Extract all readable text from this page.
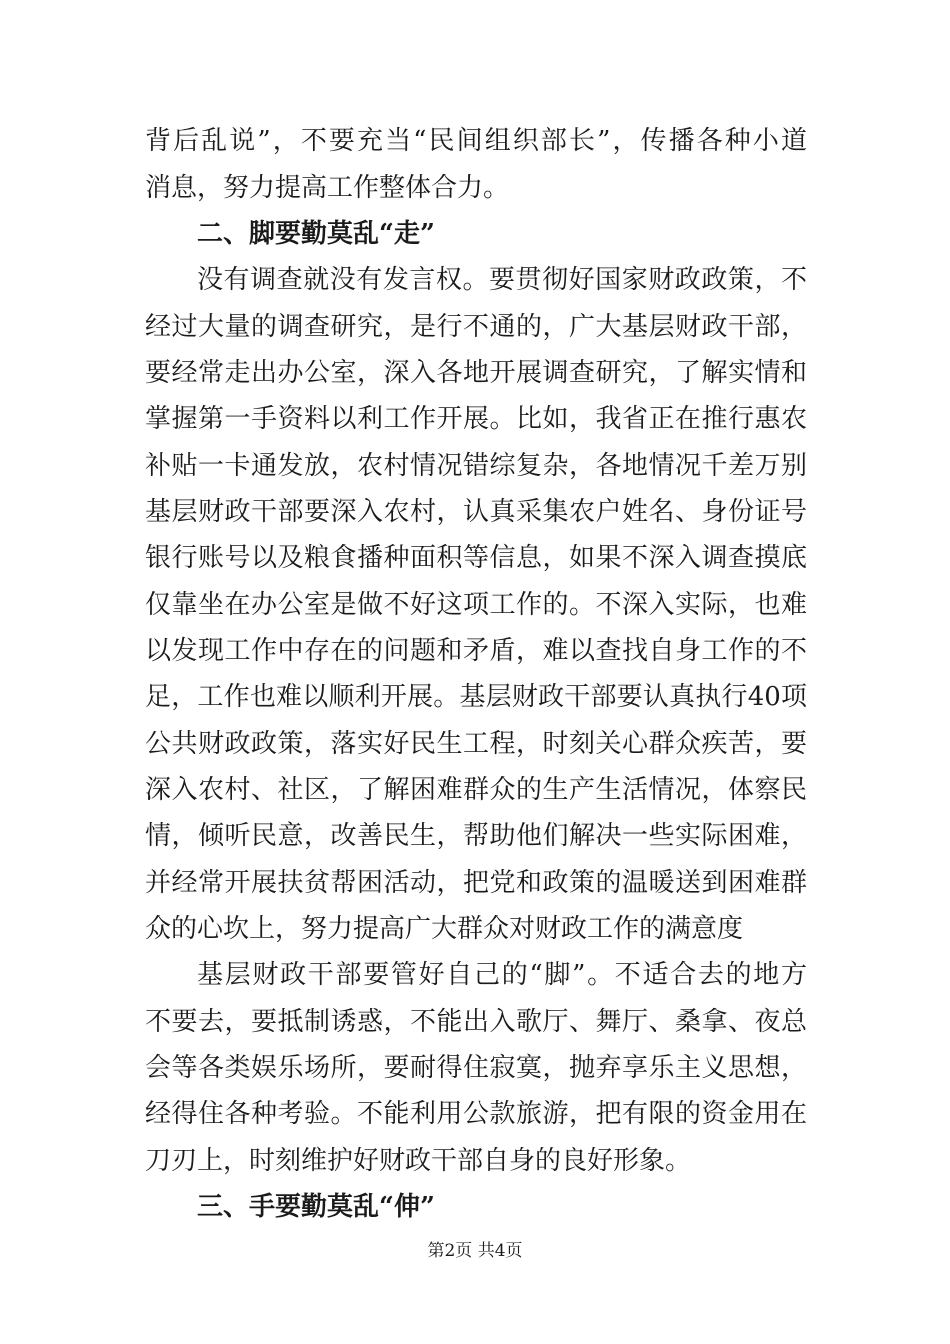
背后乱说”，不要充当“民间组织部长”，传播各种小道
消息，努力提高工作整体合力。
二、脚要勤莫乱“走”
没有调查就没有发言权。要贯彻好国家财政政策，不
经过大量的调查研究，是行不通的，广大基层财政干部，
要经常走出办公室，深入各地开展调查研究，了解实情和
掌握第一手资料以利工作开展。比如，我省正在推行惠农
补贴一卡通发放，农村情况错综复杂，各地情况千差万别
基层财政干部要深入农村，认真采集农户姓名、身份证号
银行账号以及粮食播种面积等信息，如果不深入调查摸底
仅靠坐在办公室是做不好这项工作的。不深入实际，也难
以发现工作中存在的问题和矛盾，难以查找自身工作的不
足，工作也难以顺利开展。基层财政干部要认真执行40项
公共财政政策，落实好民生工程，时刻关心群众疾苦，要
深入农村、社区，了解困难群众的生产生活情况，体察民
情，倾听民意，改善民生，帮助他们解决一些实际困难，
并经常开展扶贫帮困活动，把党和政策的温暖送到困难群
众的心坎上，努力提高广大群众对财政工作的满意度
基层财政干部要管好自己的“脚”。不适合去的地方
不要去，要抵制诱惑，不能出入歌厅、舞厅、桑拿、夜总
会等各类娱乐场所，要耐得住寂寞，抛弃享乐主义思想，
经得住各种考验。不能利用公款旅游，把有限的资金用在
刀刃上，时刻维护好财政干部自身的良好形象。
三、手要勤莫乱“伸”
第2页 共4页
